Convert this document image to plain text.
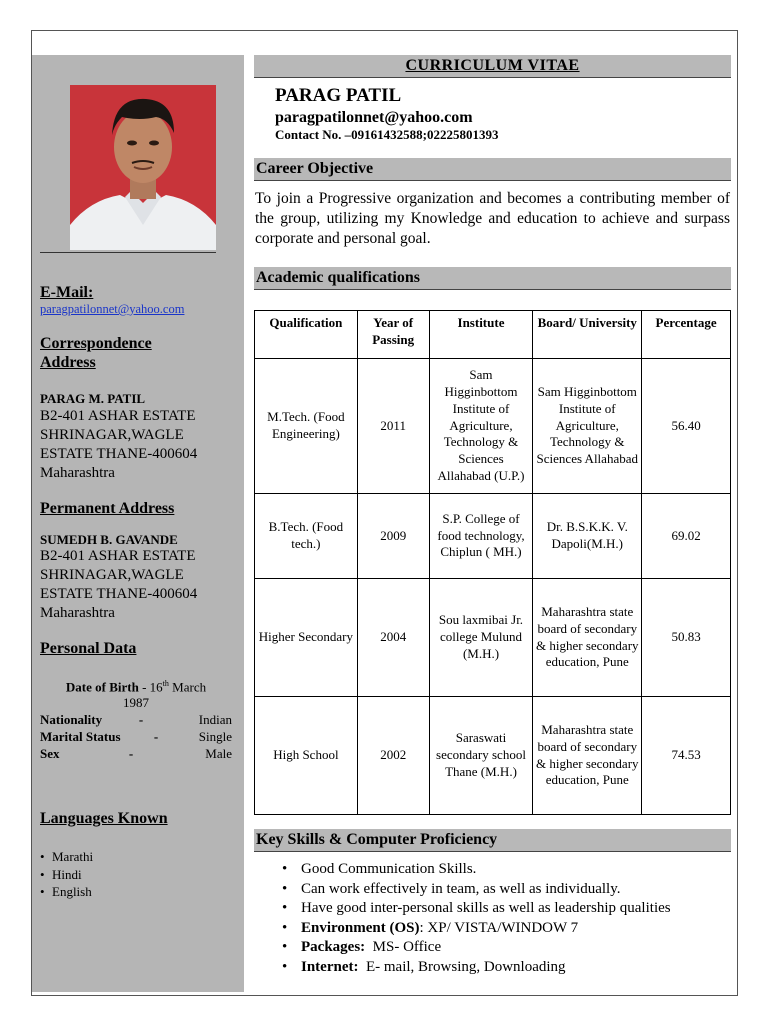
E-Mail:
paragpatilonnet@yahoo.com
Correspondence Address
PARAG M. PATIL
B2-401 ASHAR ESTATE
SHRINAGAR,WAGLE
ESTATE THANE-400604
Maharashtra
Permanent Address
SUMEDH B. GAVANDE
B2-401 ASHAR ESTATE
SHRINAGAR,WAGLE
ESTATE THANE-400604
Maharashtra
Personal Data
Date of Birth - 16th March
1987
Nationality	-	Indian
Marital Status	-	Single
Sex	-	Male
Languages Known
• Marathi
• Hindi
• English
CURRICULUM VITAE
PARAG PATIL
paragpatilonnet@yahoo.com
Contact No. –09161432588;02225801393
Career Objective
To join a Progressive organization and becomes a contributing member of the group, utilizing my Knowledge and education to achieve and surpass corporate and personal goal.
Academic qualifications
Qualification	Year of Passing	Institute	Board/ University	Percentage
M.Tech. (Food Engineering)	2011	Sam Higginbottom Institute of Agriculture, Technology & Sciences Allahabad (U.P.)	Sam Higginbottom Institute of Agriculture, Technology & Sciences Allahabad	56.40
B.Tech. (Food tech.)	2009	S.P. College of food technology, Chiplun ( MH.)	Dr. B.S.K.K. V. Dapoli(M.H.)	69.02
Higher Secondary	2004	Sou laxmibai Jr. college Mulund (M.H.)	Maharashtra state board of secondary & higher secondary education, Pune	50.83
High School	2002	Saraswati secondary school Thane (M.H.)	Maharashtra state board of secondary & higher secondary education, Pune	74.53
Key Skills & Computer Proficiency
• Good Communication Skills.
• Can work effectively in team, as well as individually.
• Have good inter-personal skills as well as leadership qualities
• Environment (OS): XP/ VISTA/WINDOW 7
• Packages: MS- Office
• Internet: E- mail, Browsing, Downloading
